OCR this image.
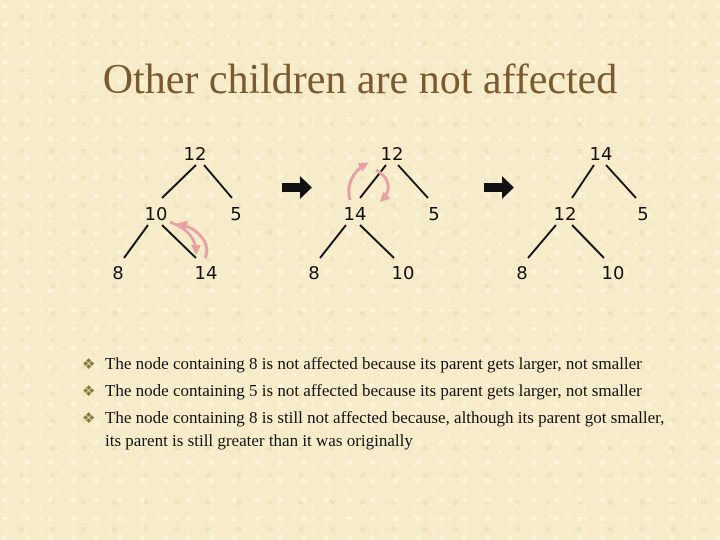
Other children are not affected
12
10	5
8	14
12
14	5
8	10
14
12	5
8	10
❖ The node containing 8 is not affected because its parent gets larger, not smaller
❖ The node containing 5 is not affected because its parent gets larger, not smaller
❖ The node containing 8 is still not affected because, although its parent got smaller, its parent is still greater than it was originally
